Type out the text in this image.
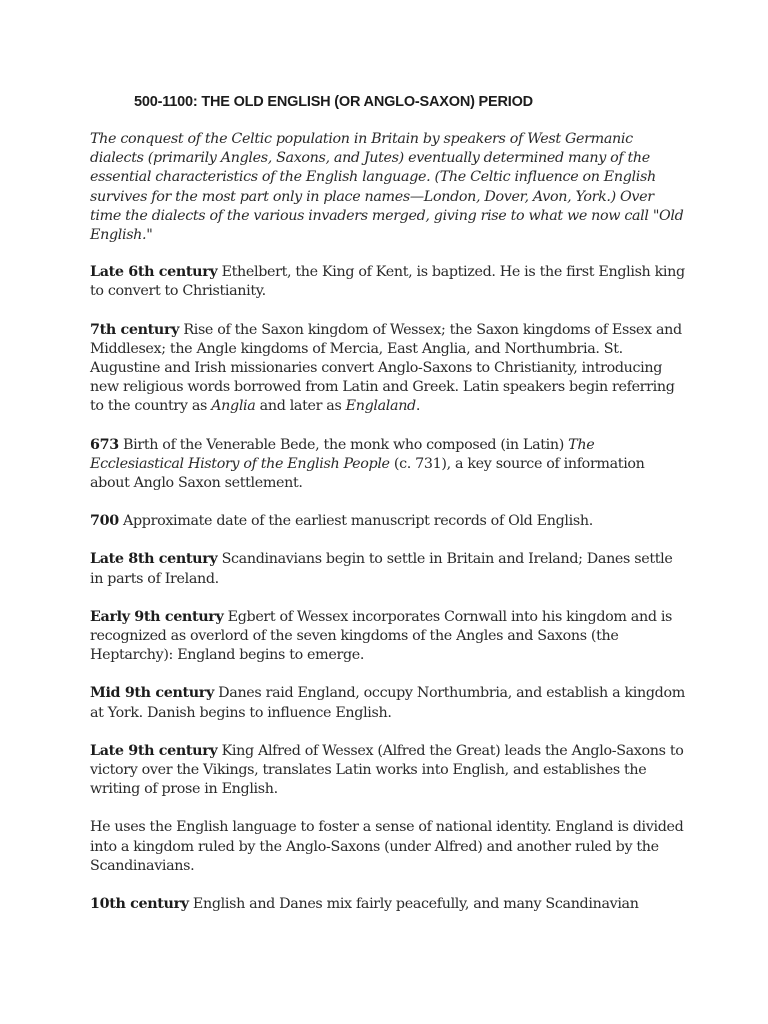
500-1100: THE OLD ENGLISH (OR ANGLO-SAXON) PERIOD

The conquest of the Celtic population in Britain by speakers of West Germanic dialects (primarily Angles, Saxons, and Jutes) eventually determined many of the essential characteristics of the English language. (The Celtic influence on English survives for the most part only in place names—London, Dover, Avon, York.) Over time the dialects of the various invaders merged, giving rise to what we now call "Old English."

Late 6th century Ethelbert, the King of Kent, is baptized. He is the first English king to convert to Christianity.

7th century Rise of the Saxon kingdom of Wessex; the Saxon kingdoms of Essex and Middlesex; the Angle kingdoms of Mercia, East Anglia, and Northumbria. St. Augustine and Irish missionaries convert Anglo-Saxons to Christianity, introducing new religious words borrowed from Latin and Greek. Latin speakers begin referring to the country as Anglia and later as Englaland.

673 Birth of the Venerable Bede, the monk who composed (in Latin) The Ecclesiastical History of the English People (c. 731), a key source of information about Anglo Saxon settlement.

700 Approximate date of the earliest manuscript records of Old English.

Late 8th century Scandinavians begin to settle in Britain and Ireland; Danes settle in parts of Ireland.

Early 9th century Egbert of Wessex incorporates Cornwall into his kingdom and is recognized as overlord of the seven kingdoms of the Angles and Saxons (the Heptarchy): England begins to emerge.

Mid 9th century Danes raid England, occupy Northumbria, and establish a kingdom at York. Danish begins to influence English.

Late 9th century King Alfred of Wessex (Alfred the Great) leads the Anglo-Saxons to victory over the Vikings, translates Latin works into English, and establishes the writing of prose in English.

He uses the English language to foster a sense of national identity. England is divided into a kingdom ruled by the Anglo-Saxons (under Alfred) and another ruled by the Scandinavians.

10th century English and Danes mix fairly peacefully, and many Scandinavian
